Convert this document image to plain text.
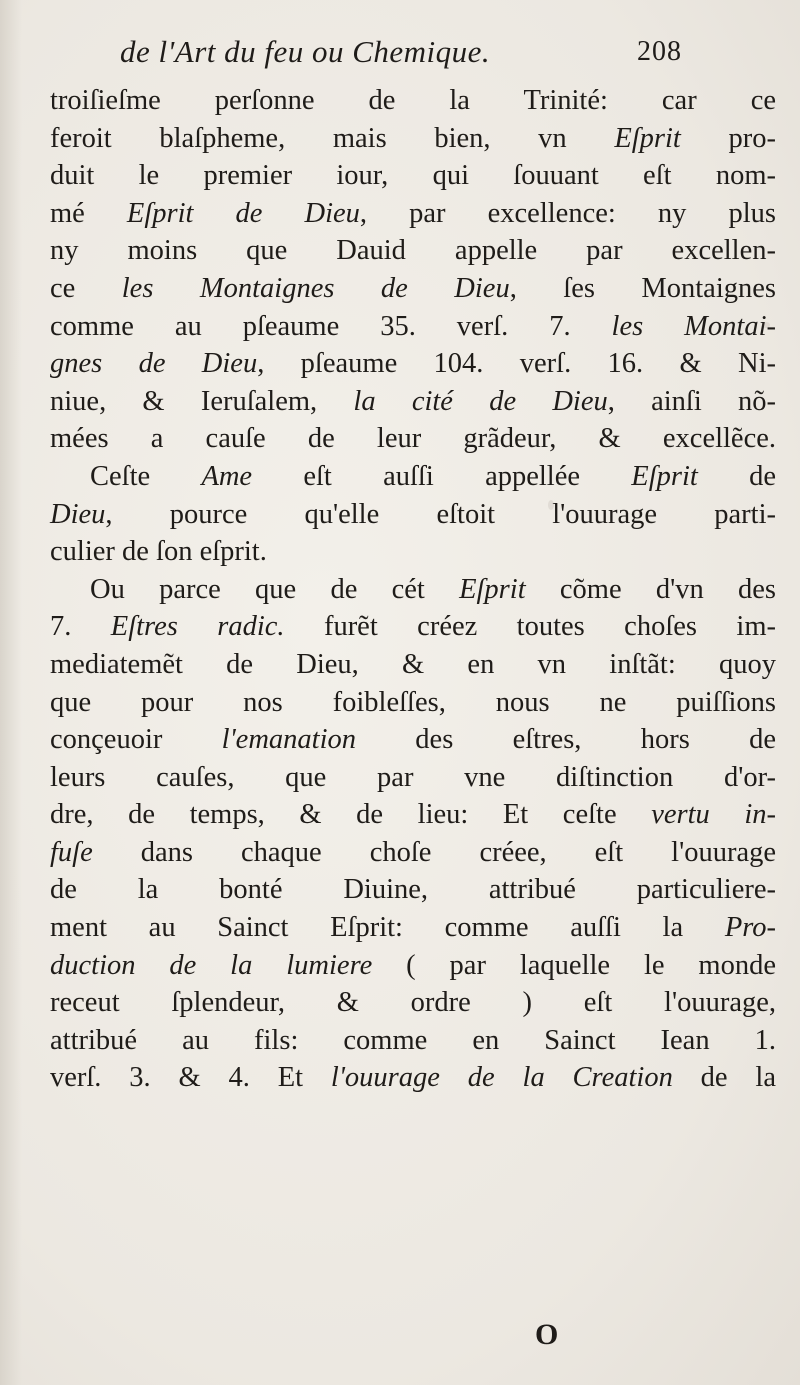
de l'Art du feu ou Chemique.	208
troiſieſme perſonne de la Trinité: car ce
feroit blaſpheme, mais bien, vn Eſprit pro-
duit le premier iour, qui ſouuant eſt nom-
mé Eſprit de Dieu, par excellence: ny plus
ny moins que Dauid appelle par excellen-
ce les Montaignes de Dieu, ſes Montaignes
comme au pſeaume 35. verſ. 7. les Montai-
gnes de Dieu, pſeaume 104. verſ. 16. & Ni-
niue, & Ieruſalem, la cité de Dieu, ainſi nõ-
mées a cauſe de leur grãdeur, & excellẽce.
Ceſte Ame eſt auſſi appellée Eſprit de
Dieu, pource qu'elle eſtoit l'ouurage parti-
culier de ſon eſprit.
Ou parce que de cét Eſprit cõme d'vn des
7. Eſtres radic. furẽt créez toutes choſes im-
mediatemẽt de Dieu, & en vn inſtãt: quoy
que pour nos foibleſſes, nous ne puiſſions
conçeuoir l'emanation des eſtres, hors de
leurs cauſes, que par vne diſtinction d'or-
dre, de temps, & de lieu: Et ceſte vertu in-
fuſe dans chaque choſe créee, eſt l'ouurage
de la bonté Diuine, attribué particuliere-
ment au Sainct Eſprit: comme auſſi la Pro-
duction de la lumiere ( par laquelle le monde
receut ſplendeur, & ordre ) eſt l'ouurage,
attribué au fils: comme en Sainct Iean 1.
verſ. 3. & 4. Et l'ouurage de la Creation de la
O
